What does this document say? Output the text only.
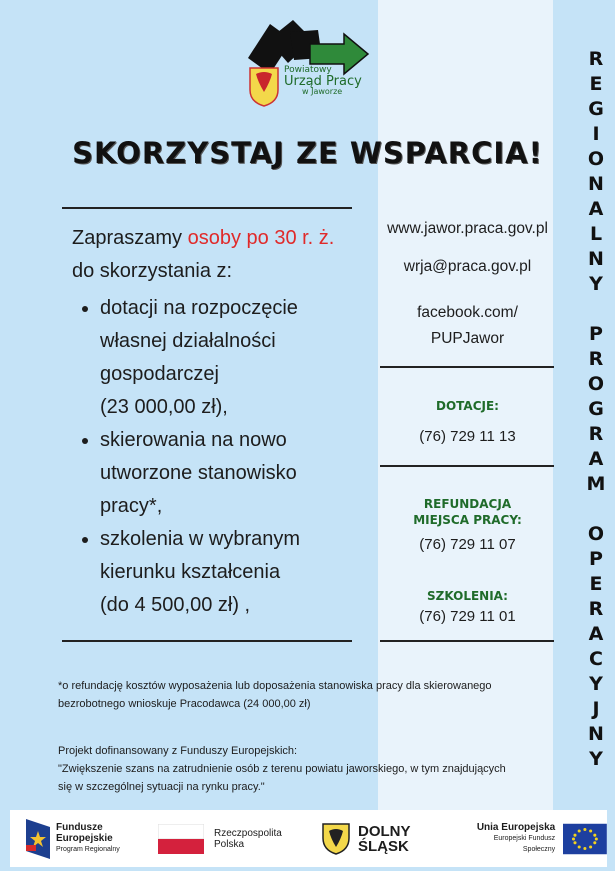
REGIONALNY PROGRAM OPERACYJNY
Powiatowy
Urząd Pracy
w Jaworze
SKORZYSTAJ ZE WSPARCIA!
Zapraszamy osoby po 30 r. ż.
do skorzystania z:
• dotacji na rozpoczęcie
własnej działalności
gospodarczej
(23 000,00 zł),
• skierowania na nowo
utworzone stanowisko
pracy*,
• szkolenia w wybranym
kierunku kształcenia
(do 4 500,00 zł) ,
www.jawor.praca.gov.pl
wrja@praca.gov.pl
facebook.com/
PUPJawor
DOTACJE:
(76) 729 11 13
REFUNDACJA
MIEJSCA PRACY:
(76) 729 11 07
SZKOLENIA:
(76) 729 11 01
*o refundację kosztów wyposażenia lub doposażenia stanowiska pracy dla skierowanego
bezrobotnego wnioskuje Pracodawca (24 000,00 zł)
Projekt dofinansowany z Funduszy Europejskich:
"Zwiększenie szans na zatrudnienie osób z terenu powiatu jaworskiego, w tym znajdujących
się w szczególnej sytuacji na rynku pracy."
Fundusze
Europejskie
Program Regionalny
Rzeczpospolita
Polska
DOLNY
ŚLĄSK
Unia Europejska
Europejski Fundusz Społeczny
